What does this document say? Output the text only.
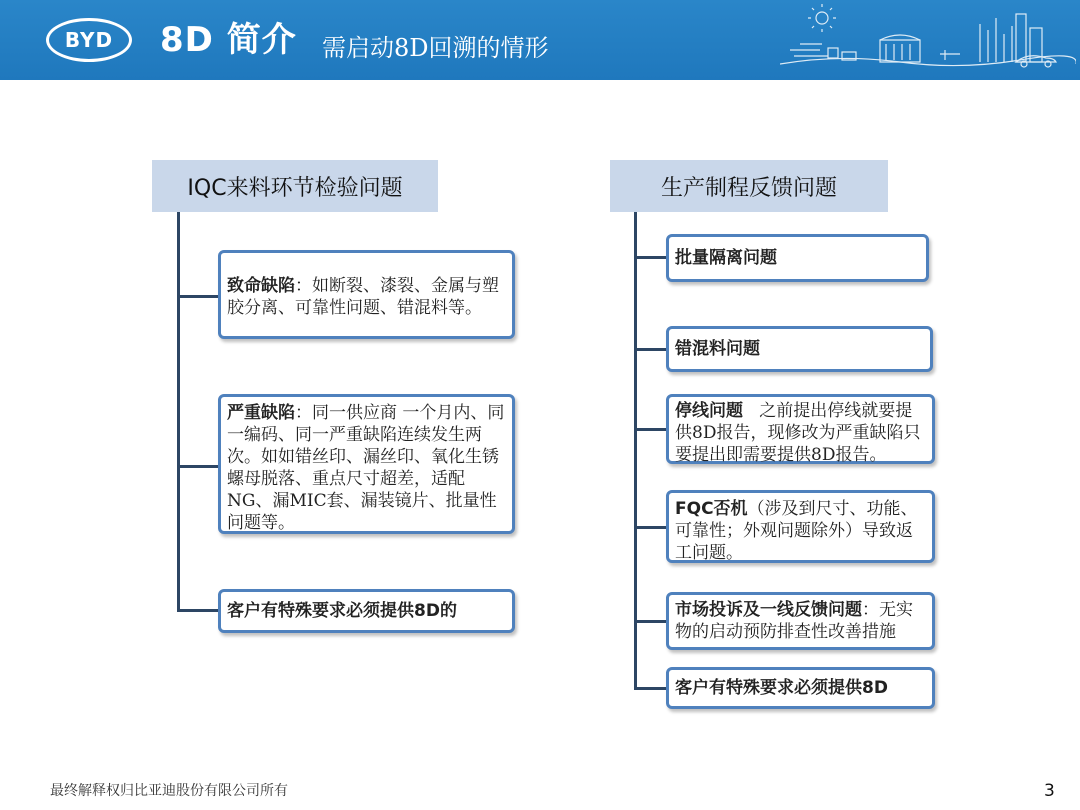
BYD	8D 简介 需启动8D回溯的情形
IQC来料环节检验问题
致命缺陷：如断裂、漆裂、金属与塑胶分离、可靠性问题、错混料等。
严重缺陷：同一供应商 一个月内、同一编码、同一严重缺陷连续发生两次。如如错丝印、漏丝印、氧化生锈螺母脱落、重点尺寸超差，适配NG、漏MIC套、漏装镜片、批量性问题等。
客户有特殊要求必须提供8D的
生产制程反馈问题
批量隔离问题
错混料问题
停线问题 之前提出停线就要提供8D报告，现修改为严重缺陷只要提出即需要提供8D报告。
FQC否机（涉及到尺寸、功能、可靠性；外观问题除外）导致返工问题。
市场投诉及一线反馈问题：无实物的启动预防排查性改善措施
客户有特殊要求必须提供8D
最终解释权归比亚迪股份有限公司所有	3
